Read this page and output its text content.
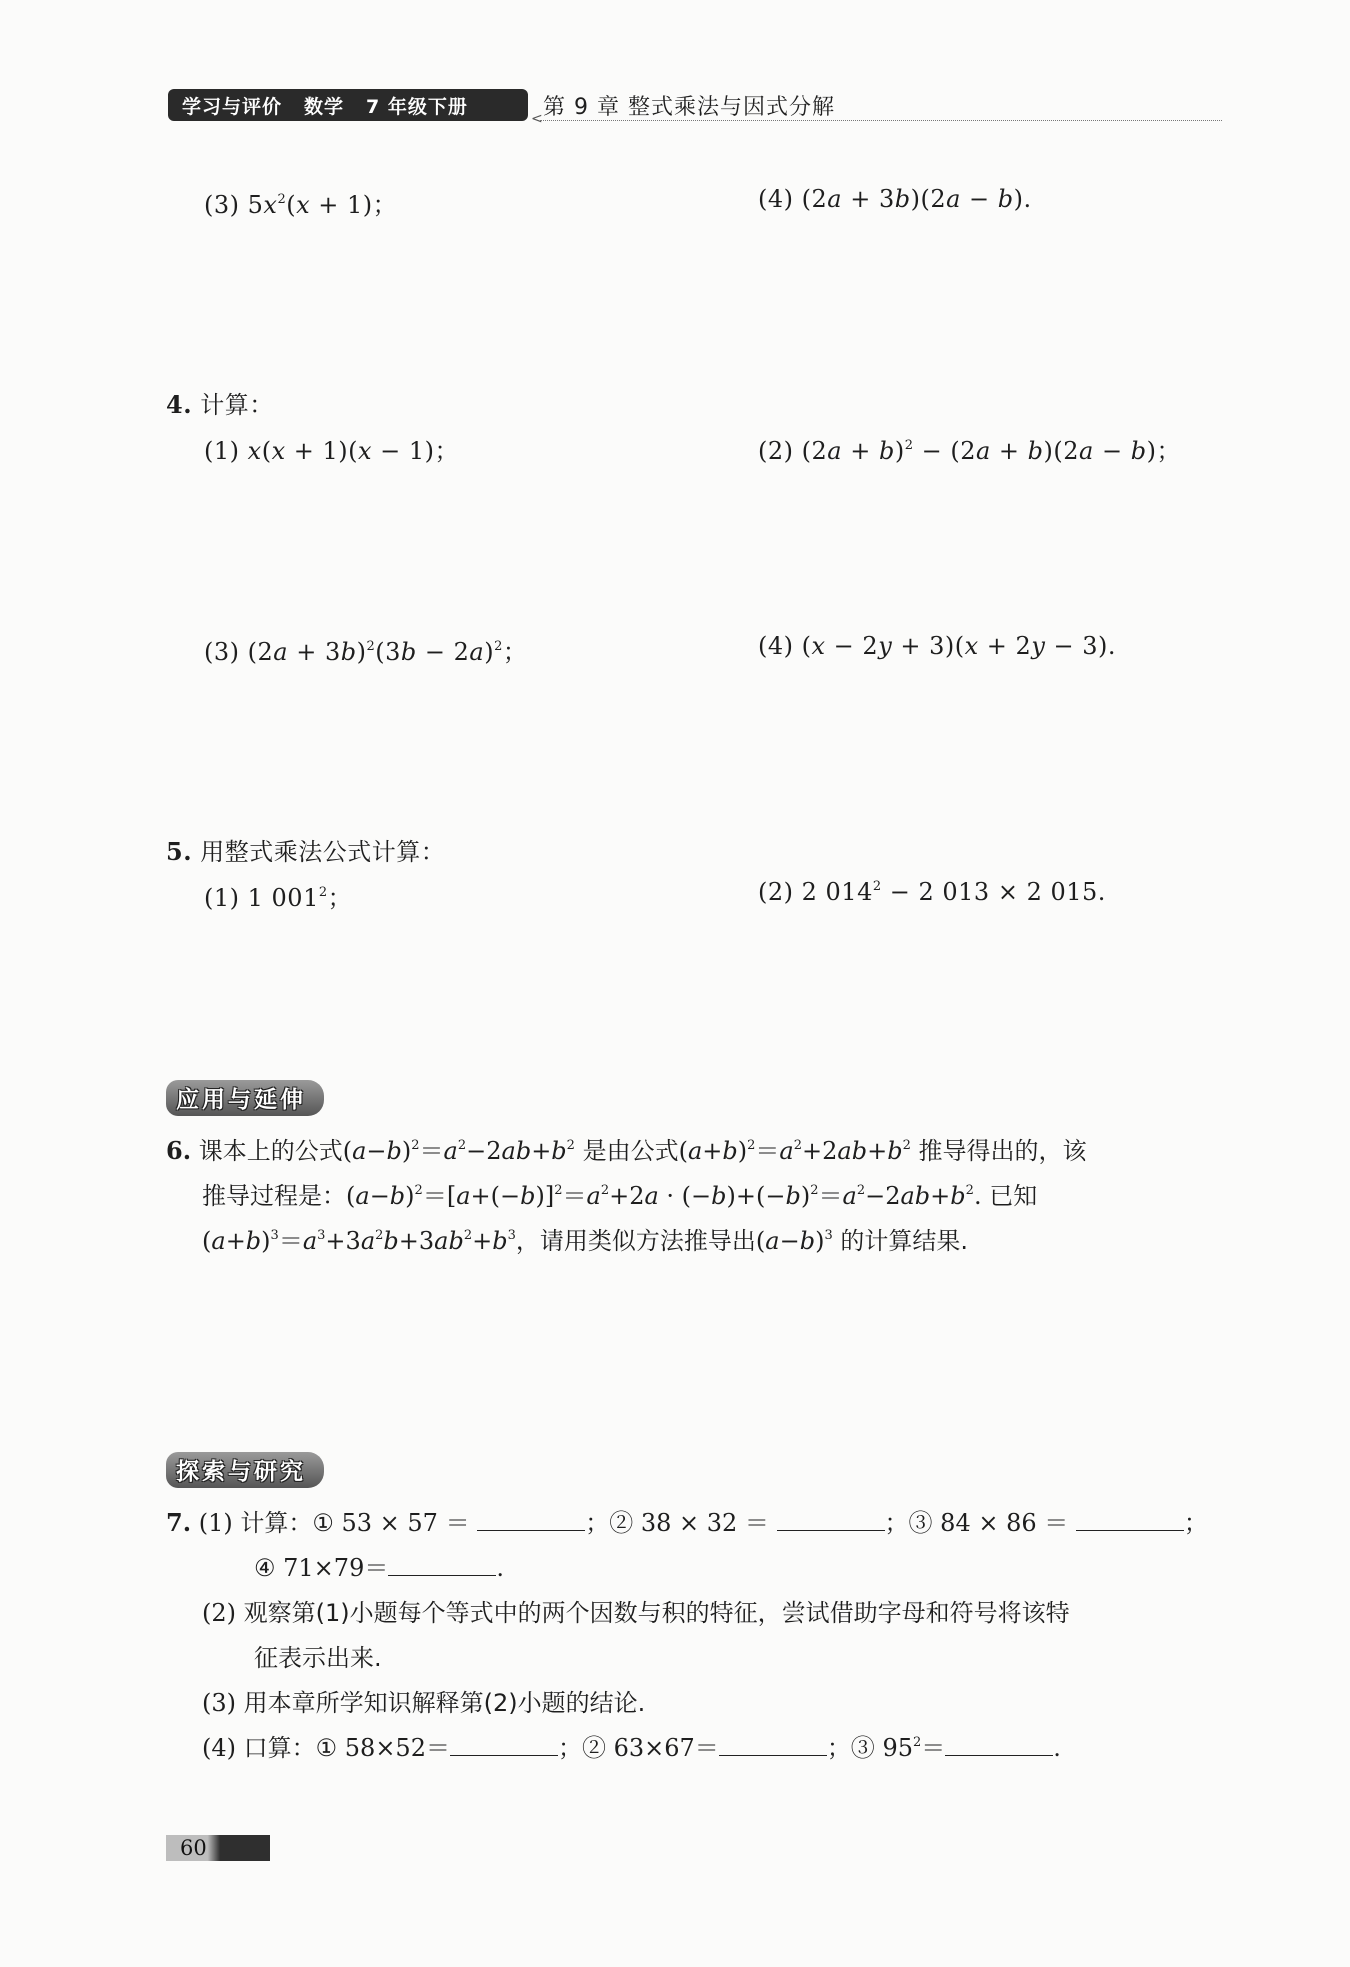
学习与评价 数学 7 年级下册	第 9 章 整式乘法与因式分解
<
(3) $5x^2(x + 1)$；	(4) (2a + 3b)(2a − b).
4. 计算：
(1) x(x + 1)(x − 1)；	(2) $(2a + b)^2 - (2a + b)(2a - b)$；
(3) $(2a + 3b)^2(3b - 2a)^2$；	(4) (x − 2y + 3)(x + 2y − 3).
5. 用整式乘法公式计算：
(1) 1 $001^2$；	(2) 2 $014^2 - 2$ 013 × 2 015.
应用与延伸
6. 课本上的公式$(a-b)^2=a^2-2ab+b^2$ 是由公式$(a+b)^2=a^2+2ab+b^2$ 推导得出的，该
推导过程是：$(a-b)^2=[a+(-b)]^2=a^2+2a \cdot (-b)+(-b)^2=a^2-2ab+b^2$. 已知
$(a+b)^3=a^3+3a^2b+3ab^2+b^3$，请用类似方法推导出$(a-b)^3$ 的计算结果.
探索与研究
7. (1) 计算：① 53 × 57 ＝	；② 38 × 32 ＝	；③ 84 × 86 ＝	；
④ 71×79＝	.
(2) 观察第(1)小题每个等式中的两个因数与积的特征，尝试借助字母和符号将该特
征表示出来.
(3) 用本章所学知识解释第(2)小题的结论.
(4) 口算：① 58×52＝	；② 63×67＝	；③ $95^2=$	.
60
